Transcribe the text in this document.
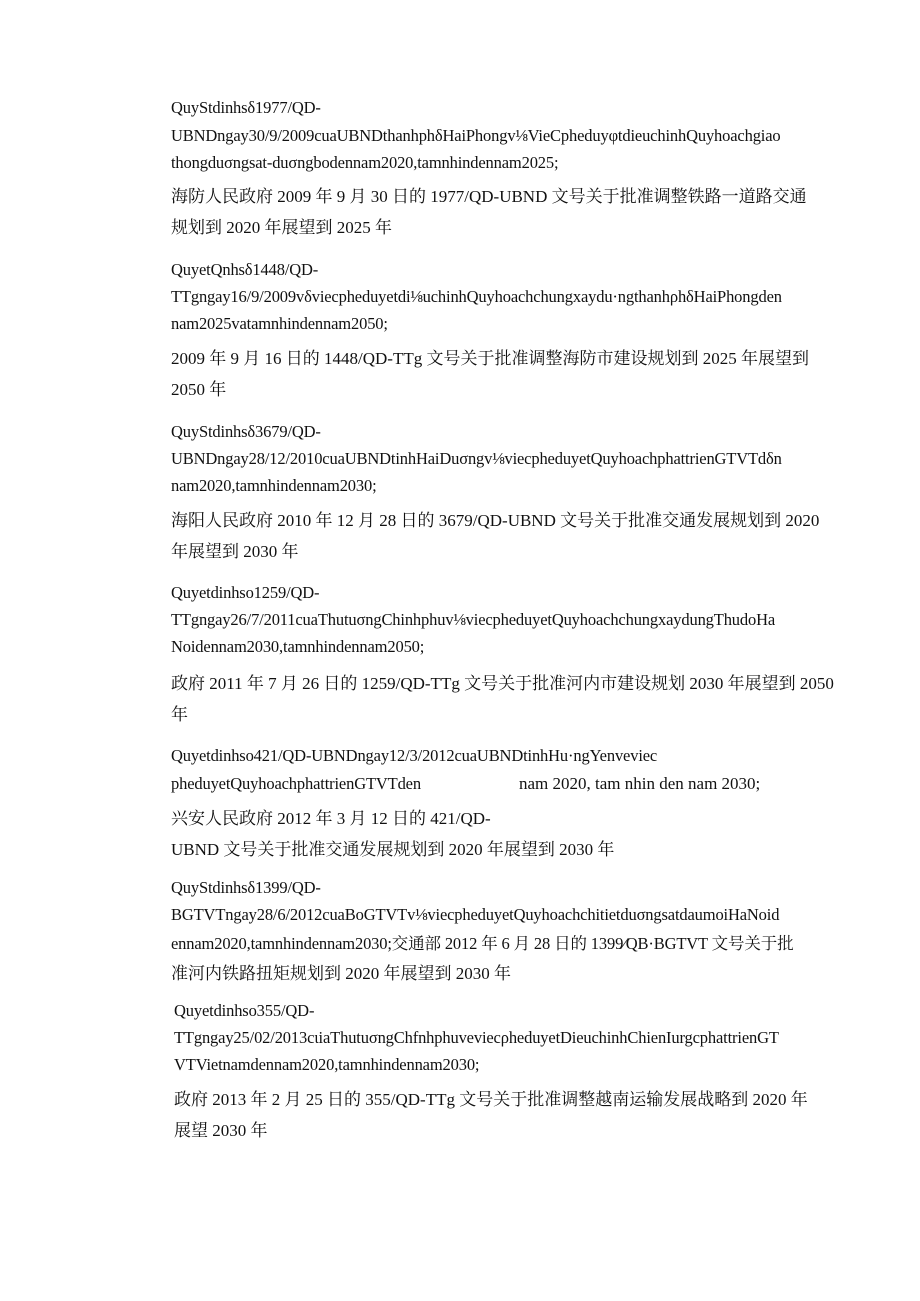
QuyStdinhsδ1977/QD-
UBNDngay30/9/2009cuaUBNDthanhphδHaiPhongv⅛VieCpheduyφtdieuchinhQuyhoachgiao
thongduσngsat-duσngbodennam2020,tamnhindennam2025;
海防人民政府 2009 年 9 月 30 日的 1977/QD-UBND 文号关于批准调整铁路一道路交通
规划到 2020 年展望到 2025 年
QuyetQnhsδ1448/QD-
TTgngay16/9/2009vδviecpheduyetdi⅛uchinhQuyhoachchungxaydu·ngthanhρhδHaiPhongden
nam2025vatamnhindennam2050;
2009 年 9 月 16 日的 1448/QD-TTg 文号关于批准调整海防市建设规划到 2025 年展望到
2050 年
QuyStdinhsδ3679/QD-
UBNDngay28/12/2010cuaUBNDtinhHaiDuσngv⅛viecpheduyetQuyhoachphattrienGTVTdδn
nam2020,tamnhindennam2030;
海阳人民政府 2010 年 12 月 28 日的 3679/QD-UBND 文号关于批准交通发展规划到 2020
年展望到 2030 年
Quyetdinhso1259/QD-
TTgngay26/7/2011cuaThutuσngChinhphuv⅛viecpheduyetQuyhoachchungxaydungThudoHa
Noidennam2030,tamnhindennam2050;
政府 2011 年 7 月 26 日的 1259/QD-TTg 文号关于批准河内市建设规划 2030 年展望到 2050
年
Quyetdinhso421/QD-UBNDngay12/3/2012cuaUBNDtinhHu·ngYenveviec
pheduyetQuyhoachphattrienGTVTden	nam 2020, tam nhin den nam 2030;
兴安人民政府 2012 年 3 月 12 日的 421/QD-
UBND 文号关于批准交通发展规划到 2020 年展望到 2030 年
QuyStdinhsδ1399/QD-
BGTVTngay28/6/2012cuaBoGTVTv⅛viecpheduyetQuyhoachchitietduσngsatdaumoiHaNoid
ennam2020,tamnhindennam2030;交通部 2012 年 6 月 28 日的 1399⁄QB·BGTVT 文号关于批
准河内铁路扭矩规划到 2020 年展望到 2030 年
Quyetdinhso355/QD-
TTgngay25/02/2013cιiaThutuσngChfnhphuveviecρheduyetDieuchinhChienIurgcphattrienGT
VTVietnamdennam2020,tamnhindennam2030;
政府 2013 年 2 月 25 日的 355/QD-TTg 文号关于批准调整越南运输发展战略到 2020 年
展望 2030 年
